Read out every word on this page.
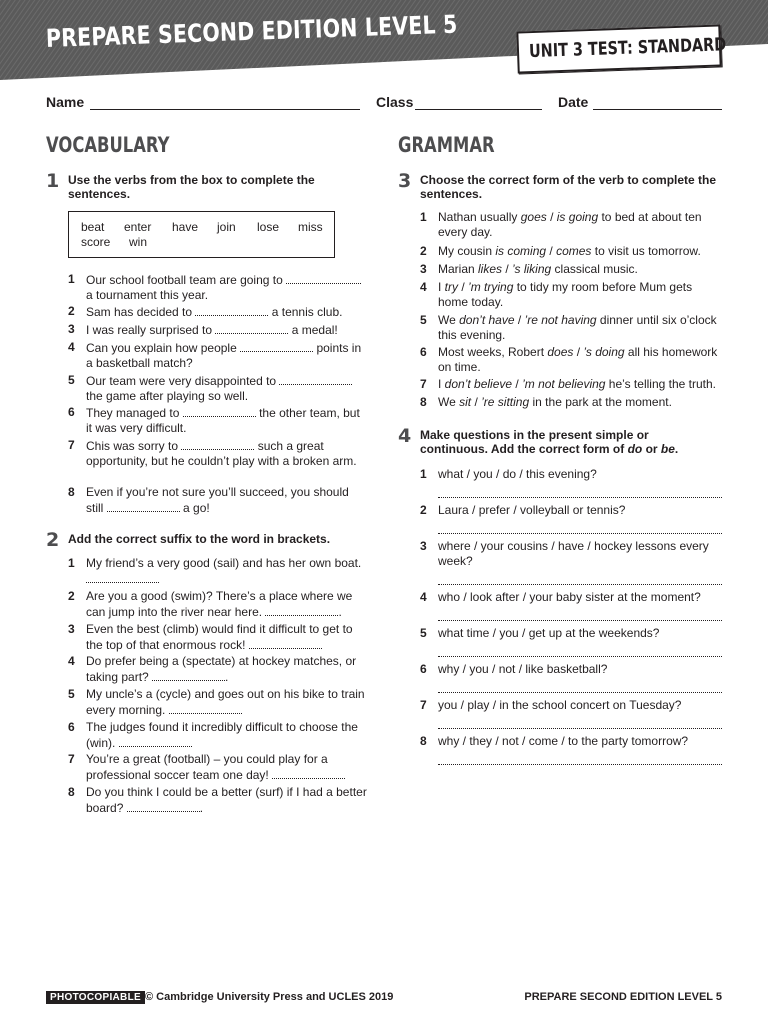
PREPARE SECOND EDITION LEVEL 5	UNIT 3 TEST: STANDARD
Name	Class	Date
VOCABULARY	GRAMMAR
1 Use the verbs from the box to complete the sentences.
beat enter have join lose miss
score win
1 Our school football team are going to  a tournament this year.
2 Sam has decided to	a tennis club.
3 I was really surprised to	a medal!
4 Can you explain how people	points in a basketball match?
5 Our team were very disappointed to  the game after playing so well.
6 They managed to	the other team, but it was very difficult.
7 Chis was sorry to	such a great opportunity, but he couldn’t play with a broken arm.
8 Even if you’re not sure you’ll succeed, you should still	a go!
2 Add the correct suffix to the word in brackets.
1 My friend’s a very good (sail) and has her own boat.
2 Are you a good (swim)? There’s a place where we can jump into the river near here.	.
3 Even the best (climb) would find it difficult to get to the top of that enormous rock!
4 Do prefer being a (spectate) at hockey matches, or taking part?	.
5 My uncle’s a (cycle) and goes out on his bike to train every morning.
6 The judges found it incredibly difficult to choose the (win).
7 You’re a great (football) – you could play for a professional soccer team one day!
8 Do you think I could be a better (surf) if I had a better board?	.
3 Choose the correct form of the verb to complete the sentences.
1 Nathan usually goes / is going to bed at about ten every day.
2 My cousin is coming / comes to visit us tomorrow.
3 Marian likes / ’s liking classical music.
4 I try / ’m trying to tidy my room before Mum gets home today.
5 We don’t have / ’re not having dinner until six o’clock this evening.
6 Most weeks, Robert does / ’s doing all his homework on time.
7 I don’t believe / ’m not believing he’s telling the truth.
8 We sit / ’re sitting in the park at the moment.
4 Make questions in the present simple or continuous. Add the correct form of do or be.
1 what / you / do / this evening?
2 Laura / prefer / volleyball or tennis?
3 where / your cousins / have / hockey lessons every week?
4 who / look after / your baby sister at the moment?
5 what time / you / get up at the weekends?
6 why / you / not / like basketball?
7 you / play / in the school concert on Tuesday?
8 why / they / not / come / to the party tomorrow?
PHOTOCOPIABLE © Cambridge University Press and UCLES 2019	PREPARE SECOND EDITION LEVEL 5
